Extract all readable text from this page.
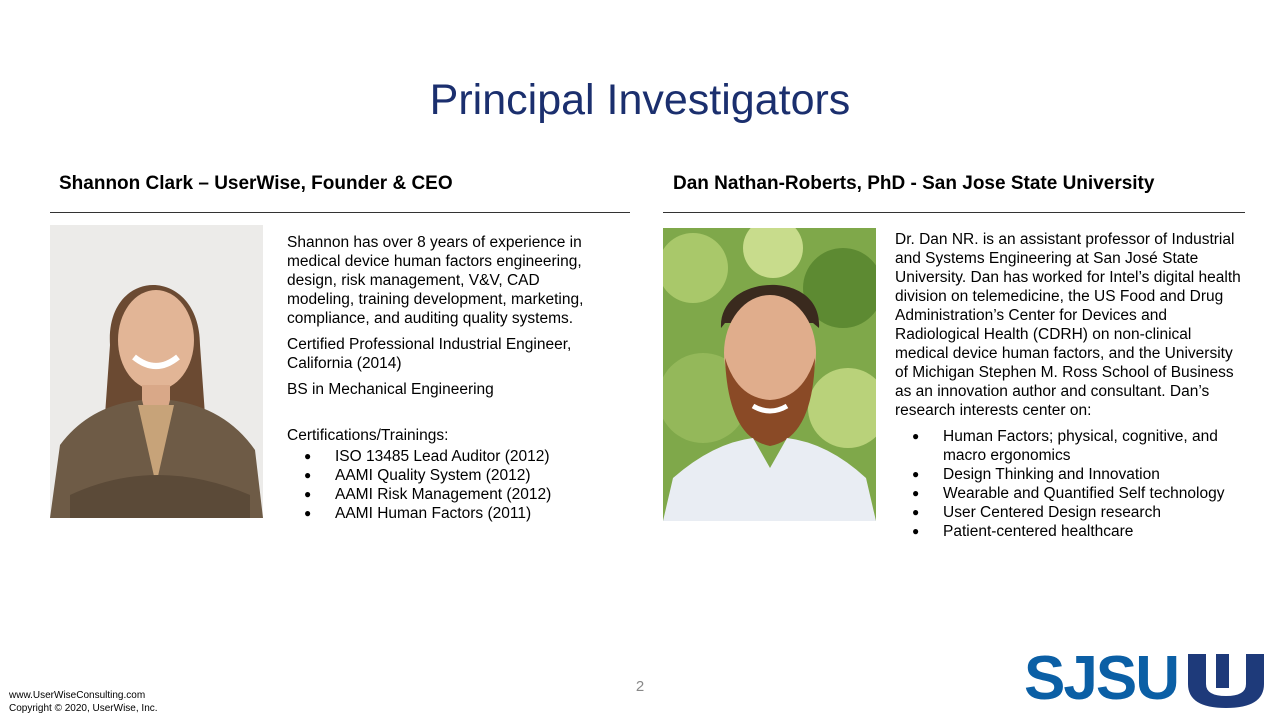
Principal Investigators
Shannon Clark – UserWise, Founder & CEO

Shannon has over 8 years of experience in medical device human factors engineering, design, risk management, V&V, CAD modeling, training development, marketing, compliance, and auditing quality systems.

Certified Professional Industrial Engineer, California (2014)

BS in Mechanical Engineering

Certifications/Trainings:

● ISO 13485 Lead Auditor (2012)
● AAMI Quality System (2012)
● AAMI Risk Management (2012)
● AAMI Human Factors (2011)
Dan Nathan-Roberts, PhD - San Jose State University

Dr. Dan NR. is an assistant professor of Industrial and Systems Engineering at San José State University. Dan has worked for Intel’s digital health division on telemedicine, the US Food and Drug Administration’s Center for Devices and Radiological Health (CDRH) on non-clinical medical device human factors, and the University of Michigan Stephen M. Ross School of Business as an innovation author and consultant. Dan’s research interests center on:

● Human Factors; physical, cognitive, and macro ergonomics
● Design Thinking and Innovation
● Wearable and Quantified Self technology
● User Centered Design research
● Patient-centered healthcare
2
www.UserWiseConsulting.com
Copyright © 2020, UserWise, Inc.	SJSU
